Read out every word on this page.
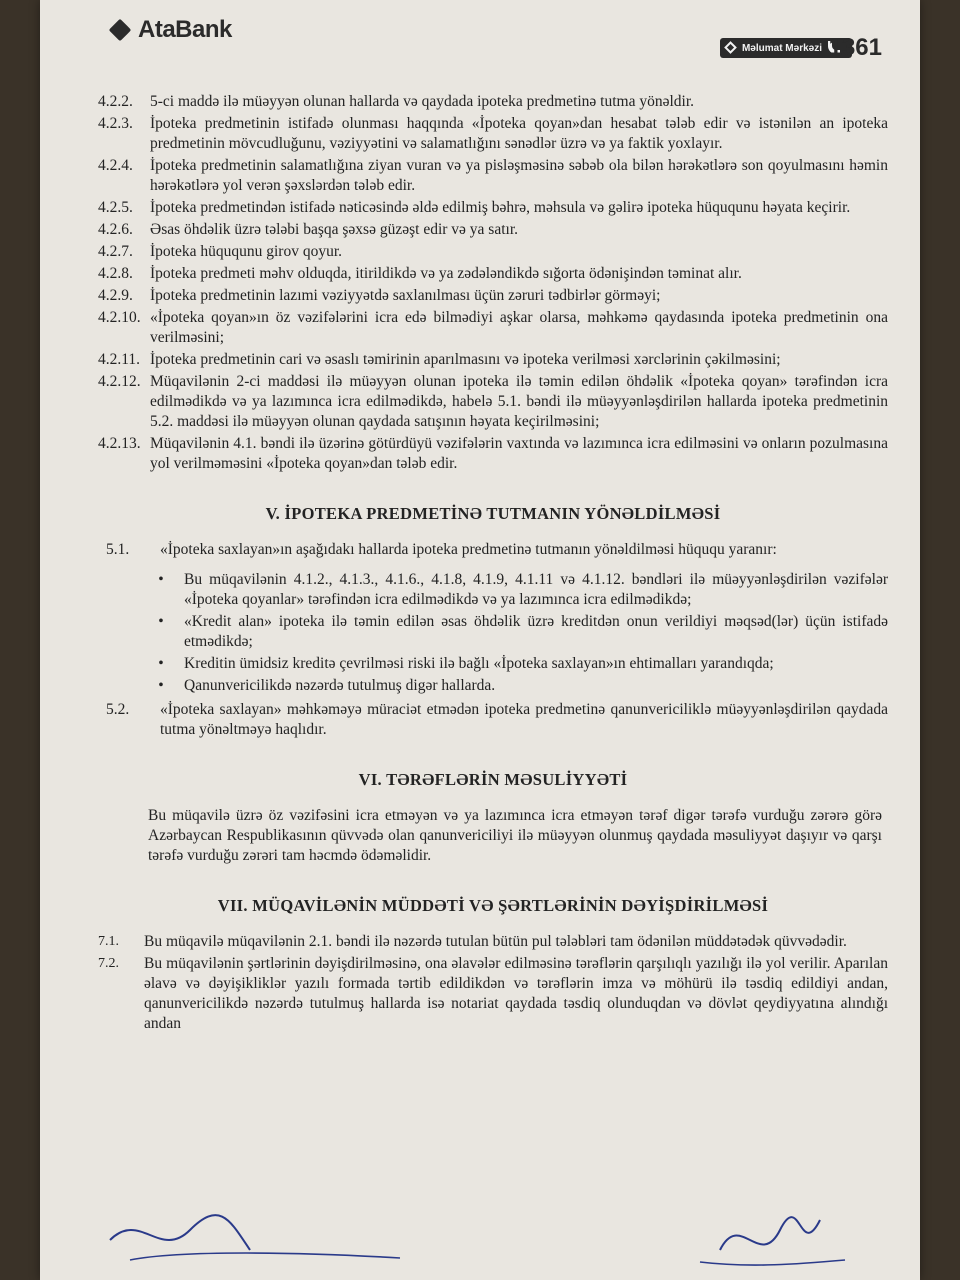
AtaBank
Məlumat Mərkəzi 1361
4.2.2.	5-ci maddə ilə müəyyən olunan hallarda və qaydada ipoteka predmetinə tutma yönəldir.
4.2.3.	İpoteka predmetinin istifadə olunması haqqında «İpoteka qoyan»dan hesabat tələb edir və istənilən an ipoteka predmetinin mövcudluğunu, vəziyyətini və salamatlığını sənədlər üzrə və ya faktik yoxlayır.
4.2.4.	İpoteka predmetinin salamatlığına ziyan vuran və ya pisləşməsinə səbəb ola bilən hərəkətlərə son qoyulmasını həmin hərəkətlərə yol verən şəxslərdən tələb edir.
4.2.5.	İpoteka predmetindən istifadə nəticəsində əldə edilmiş bəhrə, məhsula və gəlirə ipoteka hüququnu həyata keçirir.
4.2.6.	Əsas öhdəlik üzrə tələbi başqa şəxsə güzəşt edir və ya satır.
4.2.7.	İpoteka hüququnu girov qoyur.
4.2.8.	İpoteka predmeti məhv olduqda, itirildikdə və ya zədələndikdə sığorta ödənişindən təminat alır.
4.2.9.	İpoteka predmetinin lazımi vəziyyətdə saxlanılması üçün zəruri tədbirlər görməyi;
4.2.10. «İpoteka qoyan»ın öz vəzifələrini icra edə bilmədiyi aşkar olarsa, məhkəmə qaydasında ipoteka predmetinin ona verilməsini;
4.2.11. İpoteka predmetinin cari və əsaslı təmirinin aparılmasını və ipoteka verilməsi xərclərinin çəkilməsini;
4.2.12. Müqavilənin 2-ci maddəsi ilə müəyyən olunan ipoteka ilə təmin edilən öhdəlik «İpoteka qoyan» tərəfindən icra edilmədikdə və ya lazımınca icra edilmədikdə, habelə 5.1. bəndi ilə müəyyənləşdirilən hallarda ipoteka predmetinin 5.2. maddəsi ilə müəyyən olunan qaydada satışının həyata keçirilməsini;
4.2.13. Müqavilənin 4.1. bəndi ilə üzərinə götürdüyü vəzifələrin vaxtında və lazımınca icra edilməsini və onların pozulmasına yol verilməməsini «İpoteka qoyan»dan tələb edir.
V. İPOTEKA PREDMETİNƏ TUTMANIN YÖNƏLDİLMƏSİ
5.1.	«İpoteka saxlayan»ın aşağıdakı hallarda ipoteka predmetinə tutmanın yönəldilməsi hüququ yaranır:
•	Bu müqavilənin 4.1.2., 4.1.3., 4.1.6., 4.1.8, 4.1.9, 4.1.11 və 4.1.12. bəndləri ilə müəyyənləşdirilən vəzifələr «İpoteka qoyanlar» tərəfindən icra edilmədikdə və ya lazımınca icra edilmədikdə;
•	«Kredit alan» ipoteka ilə təmin edilən əsas öhdəlik üzrə kreditdən onun verildiyi məqsəd(lər) üçün istifadə etmədikdə;
•	Kreditin ümidsiz kreditə çevrilməsi riski ilə bağlı «İpoteka saxlayan»ın ehtimalları yarandıqda;
•	Qanunvericilikdə nəzərdə tutulmuş digər hallarda.
5.2.	«İpoteka saxlayan» məhkəməyə müraciət etmədən ipoteka predmetinə qanunvericiliklə müəyyənləşdirilən qaydada tutma yönəltməyə haqlıdır.
VI. TƏRƏFLƏRİN MƏSULİYYƏTİ
Bu müqavilə üzrə öz vəzifəsini icra etməyən və ya lazımınca icra etməyən tərəf digər tərəfə vurduğu zərərə görə Azərbaycan Respublikasının qüvvədə olan qanunvericiliyi ilə müəyyən olunmuş qaydada məsuliyyət daşıyır və qarşı tərəfə vurduğu zərəri tam həcmdə ödəməlidir.
VII. MÜQAVİLƏNİN MÜDDƏTİ VƏ ŞƏRTLƏRİNİN DƏYİŞDİRİLMƏSİ
7.1.	Bu müqavilə müqavilənin 2.1. bəndi ilə nəzərdə tutulan bütün pul tələbləri tam ödənilən müddətədək qüvvədədir.
7.2.	Bu müqavilənin şərtlərinin dəyişdirilməsinə, ona əlavələr edilməsinə tərəflərin qarşılıqlı yazılığı ilə yol verilir. Aparılan əlavə və dəyişikliklər yazılı formada tərtib edildikdən və tərəflərin imza və möhürü ilə təsdiq edildiyi andan, qanunvericilikdə nəzərdə tutulmuş hallarda isə notariat qaydada təsdiq olunduqdan və dövlət qeydiyyatına alındığı andan
